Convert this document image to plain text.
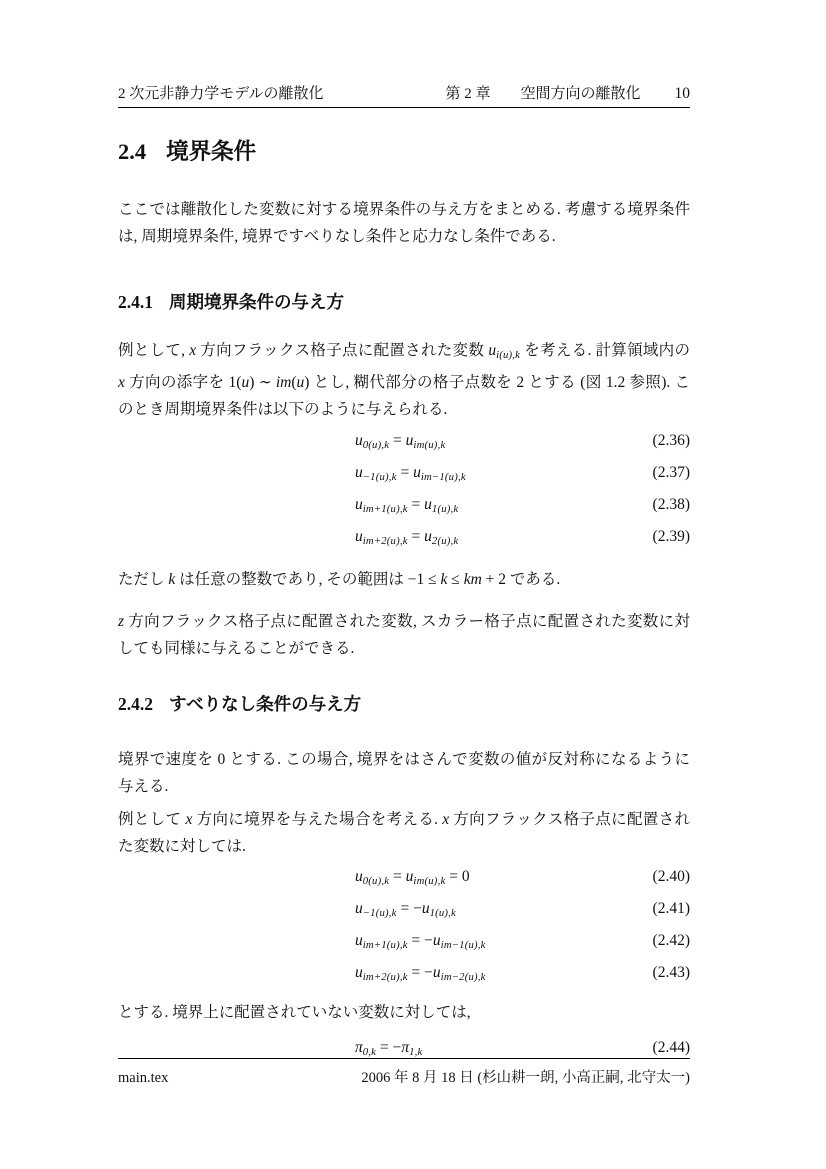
2 次元非静力学モデルの離散化	第 2 章　　空間方向の離散化 10
2.4 境界条件

ここでは離散化した変数に対する境界条件の与え方をまとめる. 考慮する境界条件は, 周期境界条件, 境界ですべりなし条件と応力なし条件である.

2.4.1 周期境界条件の与え方

例として, x 方向フラックス格子点に配置された変数 ui(u),k を考える. 計算領域内の x 方向の添字を 1(u) ∼ im(u) とし, 糊代部分の格子点数を 2 とする (図 1.2 参照). このとき周期境界条件は以下のように与えられる.

u0(u),k = uim(u),k	(2.36)
u−1(u),k = uim−1(u),k	(2.37)
uim+1(u),k = u1(u),k	(2.38)
uim+2(u),k = u2(u),k	(2.39)

ただし k は任意の整数であり, その範囲は −1 ≤ k ≤ km + 2 である.

z 方向フラックス格子点に配置された変数, スカラー格子点に配置された変数に対しても同様に与えることができる.

2.4.2 すべりなし条件の与え方

境界で速度を 0 とする. この場合, 境界をはさんで変数の値が反対称になるように与える.

例として x 方向に境界を与えた場合を考える. x 方向フラックス格子点に配置された変数に対しては.

u0(u),k = uim(u),k = 0	(2.40)
u−1(u),k = −u1(u),k	(2.41)
uim+1(u),k = −uim−1(u),k	(2.42)
uim+2(u),k = −uim−2(u),k	(2.43)

とする. 境界上に配置されていない変数に対しては,

π0,k = −π1,k	(2.44)
main.tex	2006 年 8 月 18 日 (杉山耕一朗, 小高正嗣, 北守太一)
